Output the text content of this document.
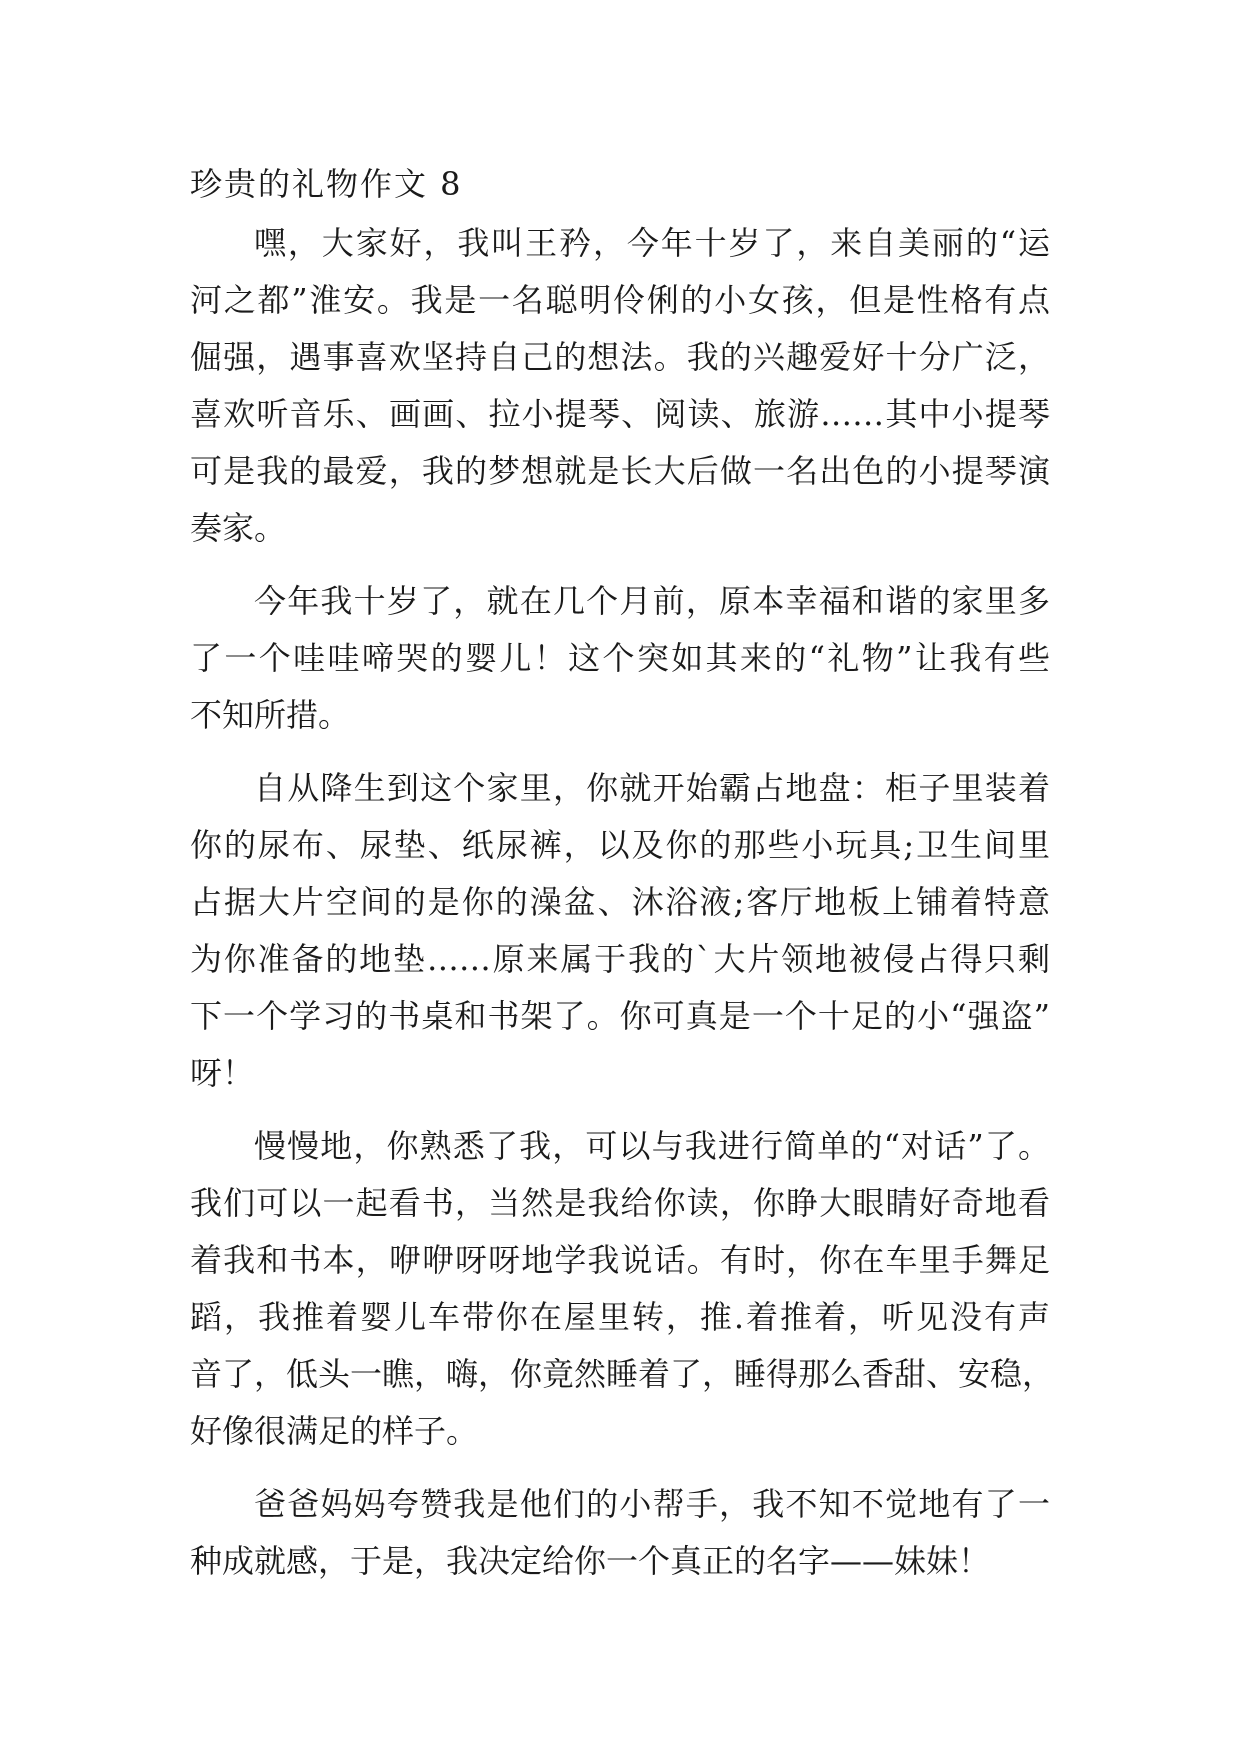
珍贵的礼物作文 8
嘿，大家好，我叫王矜，今年十岁了，来自美丽的“运
河之都”淮安。我是一名聪明伶俐的小女孩，但是性格有点
倔强，遇事喜欢坚持自己的想法。我的兴趣爱好十分广泛，
喜欢听音乐、画画、拉小提琴、阅读、旅游……其中小提琴
可是我的最爱，我的梦想就是长大后做一名出色的小提琴演
奏家。
今年我十岁了，就在几个月前，原本幸福和谐的家里多
了一个哇哇啼哭的婴儿！这个突如其来的“礼物”让我有些
不知所措。
自从降生到这个家里，你就开始霸占地盘：柜子里装着
你的尿布、尿垫、纸尿裤，以及你的那些小玩具;卫生间里
占据大片空间的是你的澡盆、沐浴液;客厅地板上铺着特意
为你准备的地垫……原来属于我的`大片领地被侵占得只剩
下一个学习的书桌和书架了。你可真是一个十足的小“强盗”
呀！
慢慢地，你熟悉了我，可以与我进行简单的“对话”了。
我们可以一起看书，当然是我给你读，你睁大眼睛好奇地看
着我和书本，咿咿呀呀地学我说话。有时，你在车里手舞足
蹈，我推着婴儿车带你在屋里转，推.着推着，听见没有声
音了，低头一瞧，嗨，你竟然睡着了，睡得那么香甜、安稳，
好像很满足的样子。
爸爸妈妈夸赞我是他们的小帮手，我不知不觉地有了一
种成就感，于是，我决定给你一个真正的名字——妹妹！
